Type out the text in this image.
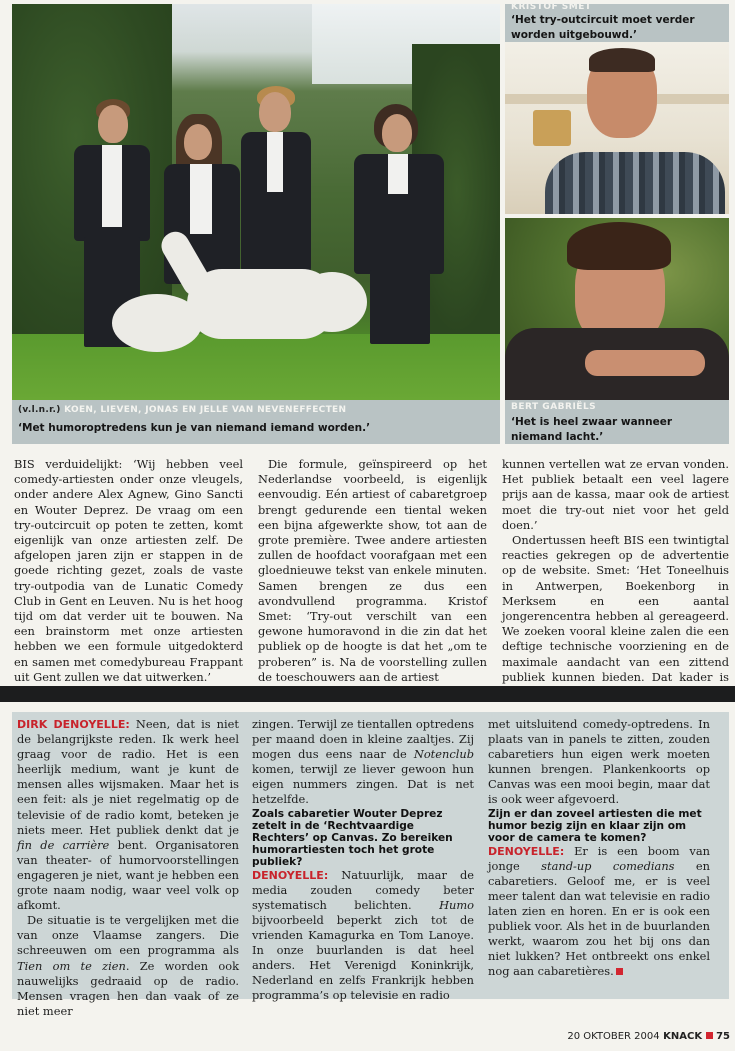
(v.l.n.r.) KOEN, LIEVEN, JONAS EN JELLE VAN NEVENEFFECTEN
‘Met humoroptredens kun je van niemand iemand worden.’
KRISTOF SMET
‘Het try-outcircuit moet verder worden uitgebouwd.’
BERT GABRIËLS
‘Het is heel zwaar wanneer niemand lacht.’

BIS verduidelijkt: ‘Wij hebben veel comedy-artiesten onder onze vleugels, onder andere Alex Agnew, Gino Sancti en Wouter Deprez. De vraag om een try-outcircuit op poten te zetten, komt eigenlijk van onze artiesten zelf. De afgelopen jaren zijn er stappen in de goede richting gezet, zoals de vaste try-outpodia van de Lunatic Comedy Club in Gent en Leuven. Nu is het hoog tijd om dat verder uit te bouwen. Na een brainstorm met onze artiesten hebben we een formule uitgedokterd en samen met comedybureau Frappant uit Gent zullen we dat uitwerken.’

Die formule, geïnspireerd op het Nederlandse voorbeeld, is eigenlijk eenvoudig. Eén artiest of cabaretgroep brengt gedurende een tiental weken een bijna afgewerkte show, tot aan de grote première. Twee andere artiesten zullen de hoofdact voorafgaan met een gloednieuwe tekst van enkele minuten. Samen brengen ze dus een avondvullend programma. Kristof Smet: ‘Try-out verschilt van een gewone humoravond in die zin dat het publiek op de hoogte is dat het „om te proberen” is. Na de voorstelling zullen de toeschouwers aan de artiest

kunnen vertellen wat ze ervan vonden. Het publiek betaalt een veel lagere prijs aan de kassa, maar ook de artiest moet die try-out niet voor het geld doen.’

Ondertussen heeft BIS een twintigtal reacties gekregen op de advertentie op de website. Smet: ‘Het Toneelhuis in Antwerpen, Boekenborg in Merksem en een aantal jongerencentra hebben al gereageerd. We zoeken vooral kleine zalen die een deftige technische voorziening en de maximale aandacht van een zittend publiek kunnen bieden. Dat kader is

DIRK DENOYELLE: Neen, dat is niet de belangrijkste reden. Ik werk heel graag voor de radio. Het is een heerlijk medium, want je kunt de mensen alles wijsmaken. Maar het is een feit: als je niet regelmatig op de televisie of de radio komt, beteken je niets meer. Het publiek denkt dat je fin de carrière bent. Organisatoren van theater- of humorvoorstellingen engageren je niet, want je hebben een grote naam nodig, waar veel volk op afkomt.

De situatie is te vergelijken met die van onze Vlaamse zangers. Die schreeuwen om een programma als Tien om te zien. Ze worden ook nauwelijks gedraaid op de radio. Mensen vragen hen dan vaak of ze niet meer

zingen. Terwijl ze tientallen optredens per maand doen in kleine zaaltjes. Zij mogen dus eens naar de Notenclub komen, terwijl ze liever gewoon hun eigen nummers zingen. Dat is net hetzelfde.

Zoals cabaretier Wouter Deprez zetelt in de ‘Rechtvaardige Rechters’ op Canvas. Zo bereiken humorartiesten toch het grote publiek?

DENOYELLE: Natuurlijk, maar de media zouden comedy beter systematisch belichten. Humo bijvoorbeeld beperkt zich tot de vrienden Kamagurka en Tom Lanoye. In onze buurlanden is dat heel anders. Het Verenigd Koninkrijk, Nederland en zelfs Frankrijk hebben programma’s op televisie en radio

met uitsluitend comedy-optredens. In plaats van in panels te zitten, zouden cabaretiers hun eigen werk moeten kunnen brengen. Plankenkoorts op Canvas was een mooi begin, maar dat is ook weer afgevoerd.

Zijn er dan zoveel artiesten die met humor bezig zijn en klaar zijn om voor de camera te komen?

DENOYELLE: Er is een boom van jonge stand-up comedians en cabaretiers. Geloof me, er is veel meer talent dan wat televisie en radio laten zien en horen. En er is ook een publiek voor. Als het in de buurlanden werkt, waarom zou het bij ons dan niet lukken? Het ontbreekt ons enkel nog aan cabaretières.

20 OKTOBER 2004 KNACK 75
